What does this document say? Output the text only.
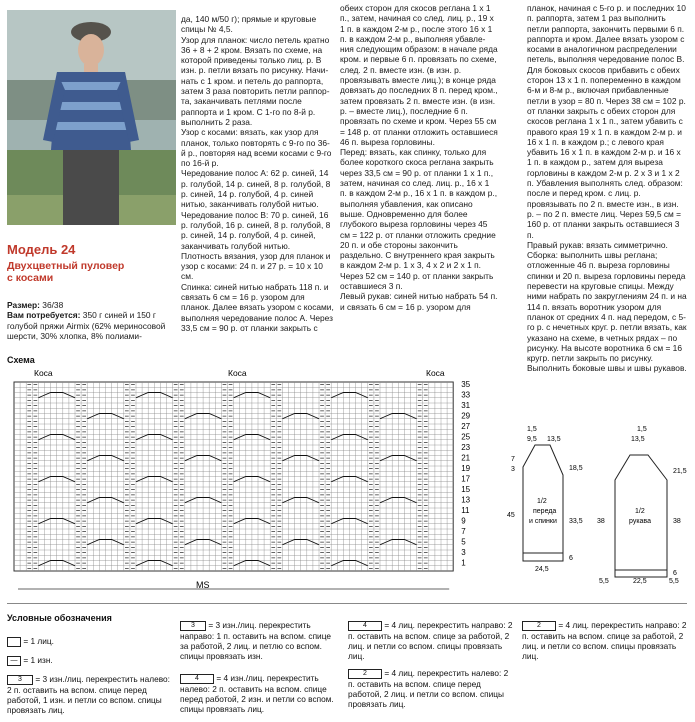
Модель 24
Двухцветный пуловер
с косами

Размер: 36/38

Вам потребуется: 350 г синей и 150 г голубой пряжи Airmix (62% мериносовой шерсти, 30% хлопка, 8% полиами-

да, 140 м/50 г); прямые и круговые спицы № 4,5.

Узор для планок: число петель кратно 36 + 8 + 2 кром. Вязать по схеме, на которой приведены только лиц. р. В изн. р. петли вязать по рисунку. Начи-нать с 1 кром. и петель до раппорта, затем 3 раза повторить петли раппор-та, заканчивать петлями после раппорта и 1 кром. С 1-го по 8-й р. выполнить 2 раза.

Узор с косами: вязать, как узор для планок, только повторять с 9-го по 36-й р., повторяя над всеми косами с 9-го по 16-й р.

Чередование полос А: 62 р. синей, 14 р. голубой, 14 р. синей, 8 р. голубой, 8 р. синей, 14 р. голубой, 4 р. синей нитью, заканчивать голубой нитью.

Чередование полос В: 70 р. синей, 16 р. голубой, 16 р. синей, 8 р. голубой, 8 р. синей, 14 р. голубой, 4 р. синей, заканчивать голубой нитью.

Плотность вязания, узор для планок и узор с косами: 24 п. и 27 р. = 10 х 10 см.

Спинка: синей нитью набрать 118 п. и связать 6 см = 16 р. узором для планок. Далее вязать узором с косами, выполняя чередование полос А. Через 33,5 см = 90 р. от планки закрыть с

обеих сторон для скосов реглана 1 х 1 п., затем, начиная со след. лиц. р., 19 х 1 п. в каждом 2-м р., после этого 16 х 1 п. в каждом 2-м р., выполняя убавле-ния следующим образом: в начале ряда кром. и первые 6 п. провязать по схеме, след. 2 п. вместе изн. (в изн. р. провязывать вместе лиц.); в конце ряда довязать до последних 8 п. перед кром., затем провязать 2 п. вместе изн. (в изн. р. – вместе лиц.), последние 6 п. провязать по схеме и кром. Через 55 см = 148 р. от планки отложить оставшиеся 46 п. выреза горловины.

Перед: вязать, как спинку, только для более короткого скоса реглана закрыть через 33,5 см = 90 р. от планки 1 х 1 п., затем, начиная со след. лиц. р., 16 х 1 п. в каждом 2-м р., 16 х 1 п. в каждом р., выполняя убавления, как описано выше. Одновременно для более глубокого выреза горловины через 45 см = 122 р. от планки отложить средние 20 п. и обе стороны закончить раздельно. С внутреннего края закрыть в каждом 2-м р. 1 х 3, 4 х 2 и 2 х 1 п. Через 52 см = 140 р. от планки закрыть оставшиеся 3 п.

Левый рукав: синей нитью набрать 54 п. и связать 6 см = 16 р. узором для

планок, начиная с 5-го р. и последних 10 п. раппорта, затем 1 раз выполнить петли раппорта, закончить первыми 6 п. раппорта и кром. Далее вязать узором с косами в аналогичном распределении петель, выполняя чередование полос В. Для боковых скосов прибавить с обеих сторон 13 х 1 п. попеременно в каждом 6-м и 8-м р., включая прибавленные петли в узор = 80 п. Через 38 см = 102 р. от планки закрыть с обеих сторон для скосов реглана 1 х 1 п., затем убавить с правого края 19 х 1 п. в каждом 2-м р. и 16 х 1 п. в каждом р.; с левого края убавить 16 х 1 п. в каждом 2-м р. и 16 х 1 п. в каждом р., затем для выреза горловины в каждом 2-м р. 2 х 3 и 1 х 2 п. Убавления выполнять след. образом: после и перед кром. с лиц. р. провязывать по 2 п. вместе изн., в изн. р. – по 2 п. вместе лиц. Через 59,5 см = 160 р. от планки закрыть оставшиеся 3 п.

Правый рукав: вязать симметрично.

Сборка: выполнить швы реглана; отложенные 46 п. выреза горловины спинки и 20 п. выреза горловины переда перевести на круговые спицы. Между ними набрать по закруглениям 24 п. и на 114 п. вязать воротник узором для планок от средних 4 п. над передом, с 5-го р. с нечетных круг. р. петли вязать, как указано на схеме, в четных рядах – по рисунку. На высоте воротника 6 см = 16 кругр. петли закрыть по рисунку. Выполнить боковые швы и швы рукавов.

Схема
Коса	Коса	Коса
MS
35
33
31
29
27
25
23
21
19
17
15
13
11
9
7
5
3
1
1,5
9,5 13,5
1,5
13,5
7
3	18,5
45
33,5
6
24,5
21,5
38	38
6
5,5	22,5	5,5
1/2
переда
и спинки
1/2
рукава
Условные обозначения
= 1 лиц.
— = 1 изн.
3 = 3 изн./лиц. перекрестить налево: 2 п. оставить на вспом. спице перед работой, 1 изн. и петли со вспом. спицы провязать лиц.
3 = 3 изн./лиц. перекрестить направо: 1 п. оставить на вспом. спице за работой, 2 лиц. и петлю со вспом. спицы провязать изн.
4 = 4 изн./лиц. перекрестить налево: 2 п. оставить на вспом. спице перед работой, 2 изн. и петли со вспом. спицы провязать лиц.
4 = 4 лиц. перекрестить направо: 2 п. оставить на вспом. спице за работой, 2 лиц. и петли со вспом. спицы провязать лиц.
2 = 4 лиц. перекрестить налево: 2 п. оставить на вспом. спице перед работой, 2 лиц. и петли со вспом. спицы провязать лиц.
2 = 4 лиц. перекрестить направо: 2 п. оставить на вспом. спице за работой, 2 лиц. и петли со вспом. спицы провязать лиц.
